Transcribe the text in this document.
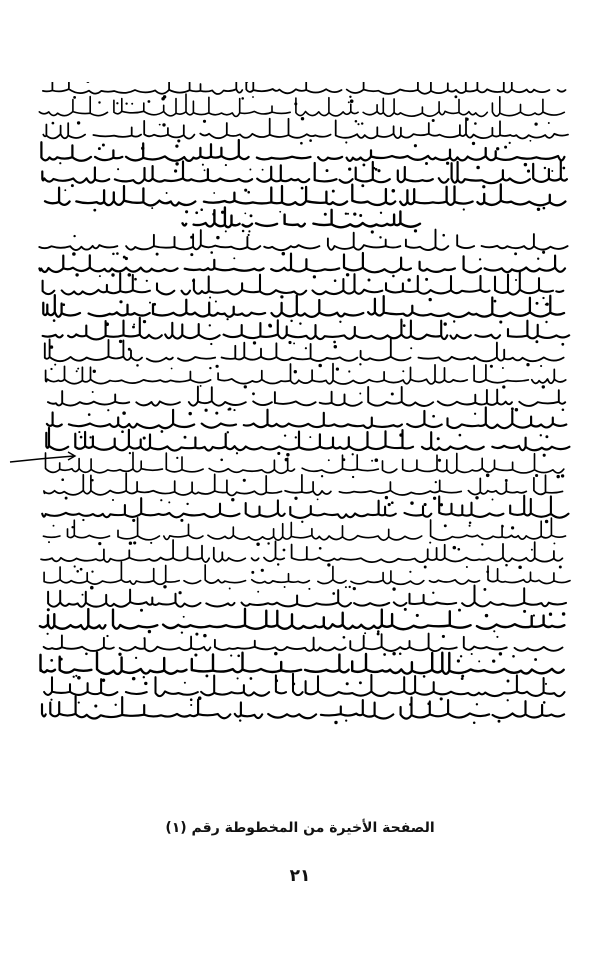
الصفحة الأخيرة من المخطوطة رقم (١)
٢١
